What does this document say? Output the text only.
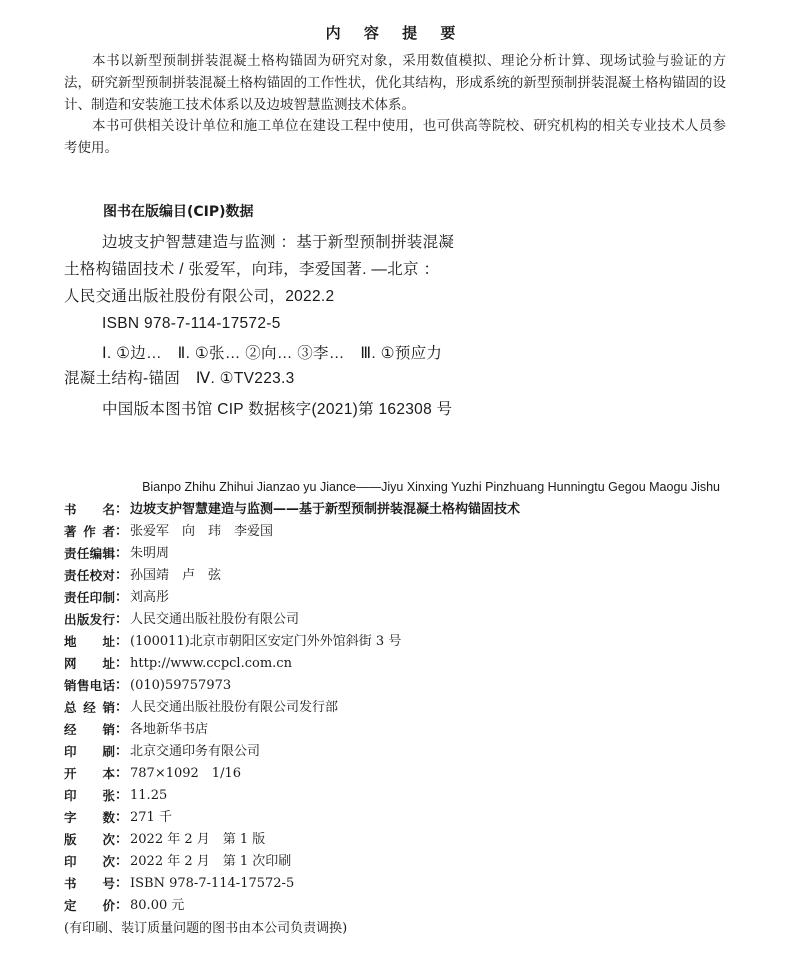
内 容 提 要
本书以新型预制拼装混凝土格构锚固为研究对象，采用数值模拟、理论分析计算、现场试验与验证的方法，研究新型预制拼装混凝土格构锚固的工作性状，优化其结构，形成系统的新型预制拼装混凝土格构锚固的设计、制造和安装施工技术体系以及边坡智慧监测技术体系。
本书可供相关设计单位和施工单位在建设工程中使用，也可供高等院校、研究机构的相关专业技术人员参考使用。
图书在版编目(CIP)数据
边坡支护智慧建造与监测 ：基于新型预制拼装混凝
土格构锚固技术 / 张爱军，向玮，李爱国著. —北京 ：
人民交通出版社股份有限公司，2022.2
ISBN 978-7-114-17572-5
Ⅰ. ①边…　Ⅱ. ①张… ②向… ③李…　Ⅲ. ①预应力
混凝土结构-锚固　Ⅳ. ①TV223.3
中国版本图书馆 CIP 数据核字(2021)第 162308 号
Bianpo Zhihu Zhihui Jianzao yu Jiance——Jiyu Xinxing Yuzhi Pinzhuang Hunningtu Gegou Maogu Jishu
书　　名 ： 边坡支护智慧建造与监测——基于新型预制拼装混凝土格构锚固技术
著 作 者 ： 张爱军　向　玮　李爱国
责任编辑 ： 朱明周
责任校对 ： 孙国靖　卢　弦
责任印制 ： 刘高彤
出版发行 ： 人民交通出版社股份有限公司
地　　址 ： (100011)北京市朝阳区安定门外外馆斜街 3 号
网　　址 ： http://www.ccpcl.com.cn
销售电话 ： (010)59757973
总 经 销 ： 人民交通出版社股份有限公司发行部
经　　销 ： 各地新华书店
印　　刷 ： 北京交通印务有限公司
开　　本 ： 787×1092　1/16
印　　张 ： 11.25
字　　数 ： 271 千
版　　次 ： 2022 年 2 月　第 1 版
印　　次 ： 2022 年 2 月　第 1 次印刷
书　　号 ： ISBN 978-7-114-17572-5
定　　价 ： 80.00 元
(有印刷、装订质量问题的图书由本公司负责调换)
